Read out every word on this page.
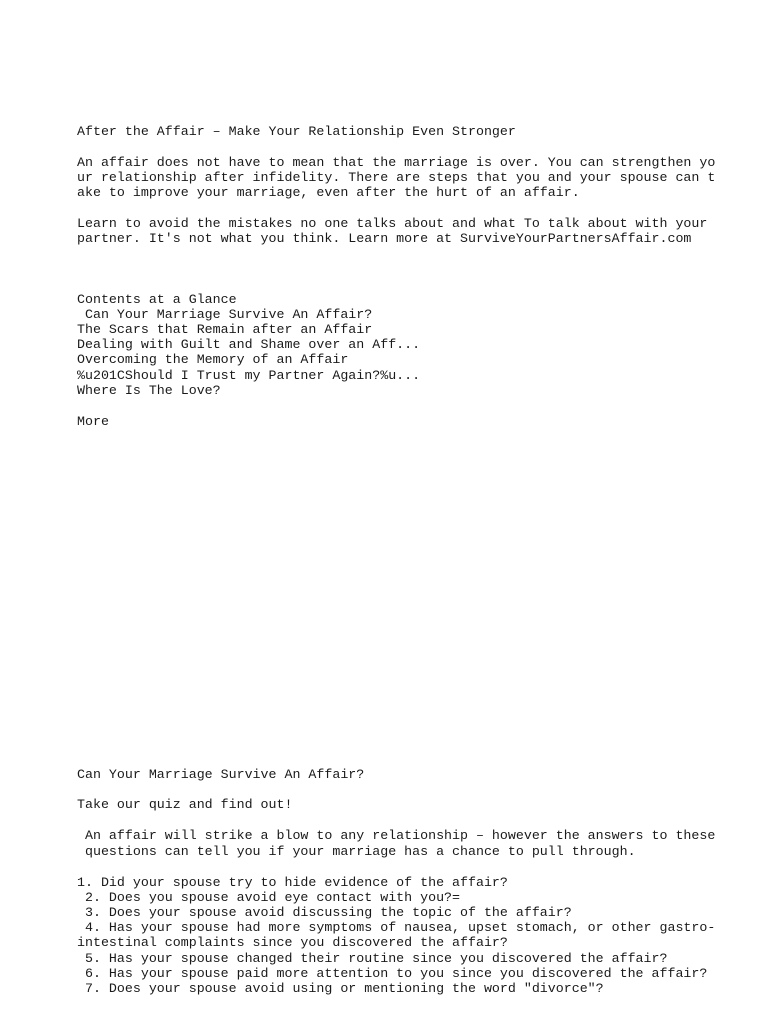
After the Affair – Make Your Relationship Even Stronger
An affair does not have to mean that the marriage is over. You can strengthen yo
ur relationship after infidelity. There are steps that you and your spouse can t
ake to improve your marriage, even after the hurt of an affair.
Learn to avoid the mistakes no one talks about and what To talk about with your
partner. It's not what you think. Learn more at SurviveYourPartnersAffair.com
Contents at a Glance
Can Your Marriage Survive An Affair?
The Scars that Remain after an Affair
Dealing with Guilt and Shame over an Aff...
Overcoming the Memory of an Affair
%u201CShould I Trust my Partner Again?%u...
Where Is The Love?
More
Can Your Marriage Survive An Affair?
Take our quiz and find out!
An affair will strike a blow to any relationship – however the answers to these
questions can tell you if your marriage has a chance to pull through.
1. Did your spouse try to hide evidence of the affair?
2. Does you spouse avoid eye contact with you?=
3. Does your spouse avoid discussing the topic of the affair?
4. Has your spouse had more symptoms of nausea, upset stomach, or other gastro-
intestinal complaints since you discovered the affair?
5. Has your spouse changed their routine since you discovered the affair?
6. Has your spouse paid more attention to you since you discovered the affair?
7. Does your spouse avoid using or mentioning the word "divorce"?
